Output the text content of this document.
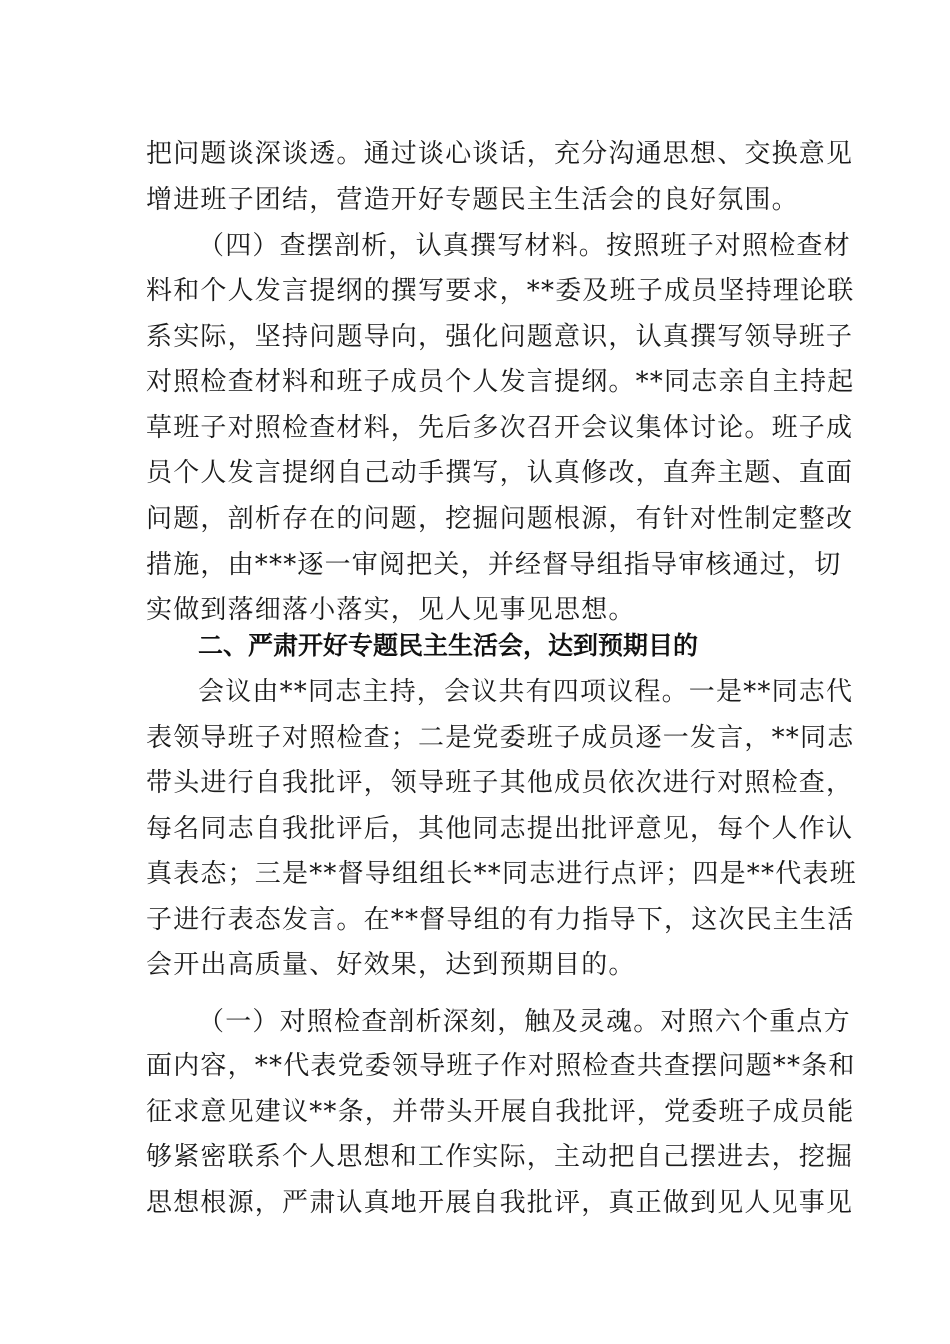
把问题谈深谈透。通过谈心谈话，充分沟通思想、交换意见
增进班子团结，营造开好专题民主生活会的良好氛围。
（四）查摆剖析，认真撰写材料。按照班子对照检查材
料和个人发言提纲的撰写要求，**委及班子成员坚持理论联
系实际，坚持问题导向，强化问题意识，认真撰写领导班子
对照检查材料和班子成员个人发言提纲。**同志亲自主持起
草班子对照检查材料，先后多次召开会议集体讨论。班子成
员个人发言提纲自己动手撰写，认真修改，直奔主题、直面
问题，剖析存在的问题，挖掘问题根源，有针对性制定整改
措施，由***逐一审阅把关，并经督导组指导审核通过，切
实做到落细落小落实，见人见事见思想。
二、严肃开好专题民主生活会，达到预期目的
会议由**同志主持，会议共有四项议程。一是**同志代
表领导班子对照检查；二是党委班子成员逐一发言，**同志
带头进行自我批评，领导班子其他成员依次进行对照检查，
每名同志自我批评后，其他同志提出批评意见，每个人作认
真表态；三是**督导组组长**同志进行点评；四是**代表班
子进行表态发言。在**督导组的有力指导下，这次民主生活
会开出高质量、好效果，达到预期目的。
（一）对照检查剖析深刻，触及灵魂。对照六个重点方
面内容，**代表党委领导班子作对照检查共查摆问题**条和
征求意见建议**条，并带头开展自我批评，党委班子成员能
够紧密联系个人思想和工作实际，主动把自己摆进去，挖掘
思想根源，严肃认真地开展自我批评，真正做到见人见事见
